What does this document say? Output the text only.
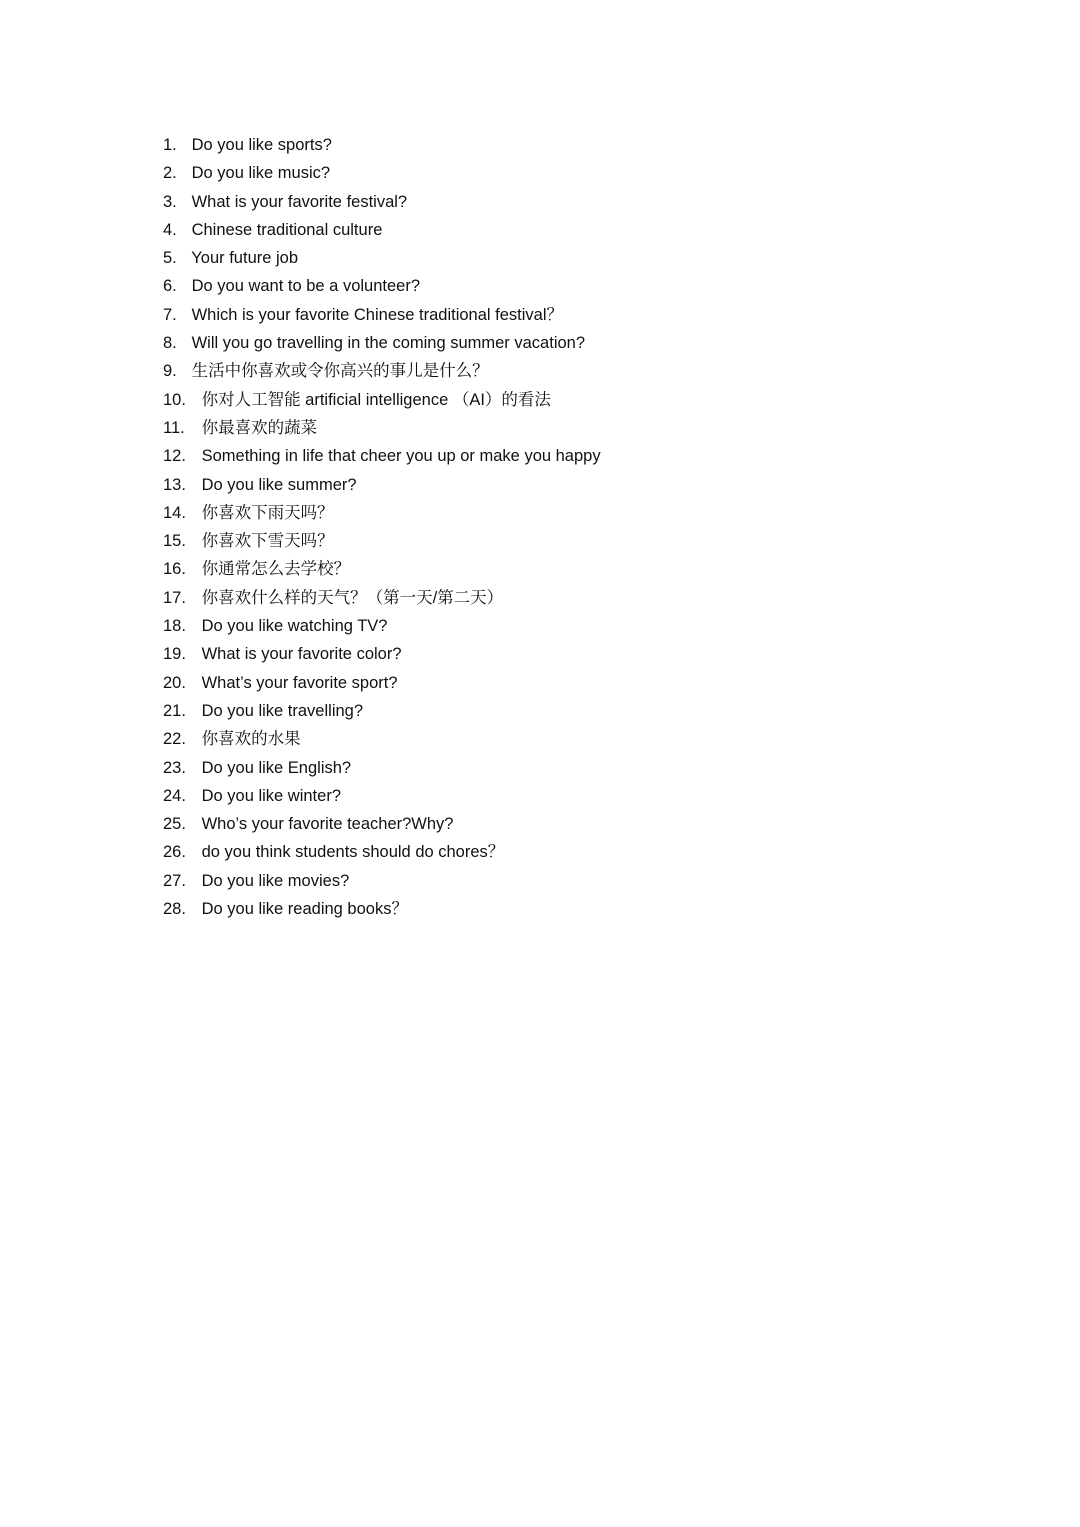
1. Do you like sports?
2. Do you like music?
3. What is your favorite festival?
4. Chinese traditional culture
5. Your future job
6. Do you want to be a volunteer?
7. Which is your favorite Chinese traditional festival？
8. Will you go travelling in the coming summer vacation?
9. 生活中你喜欢或令你高兴的事儿是什么？
10. 你对人工智能 artificial intelligence （AI）的看法
11. 你最喜欢的蔬菜
12. Something in life that cheer you up or make you happy
13. Do you like summer?
14. 你喜欢下雨天吗？
15. 你喜欢下雪天吗？
16. 你通常怎么去学校？
17. 你喜欢什么样的天气？（第一天/第二天）
18. Do you like watching TV?
19. What is your favorite color?
20. What’s your favorite sport?
21. Do you like travelling?
22. 你喜欢的水果
23. Do you like English?
24. Do you like winter?
25. Who’s your favorite teacher?Why?
26. do you think students should do chores？
27. Do you like movies?
28. Do you like reading books？
